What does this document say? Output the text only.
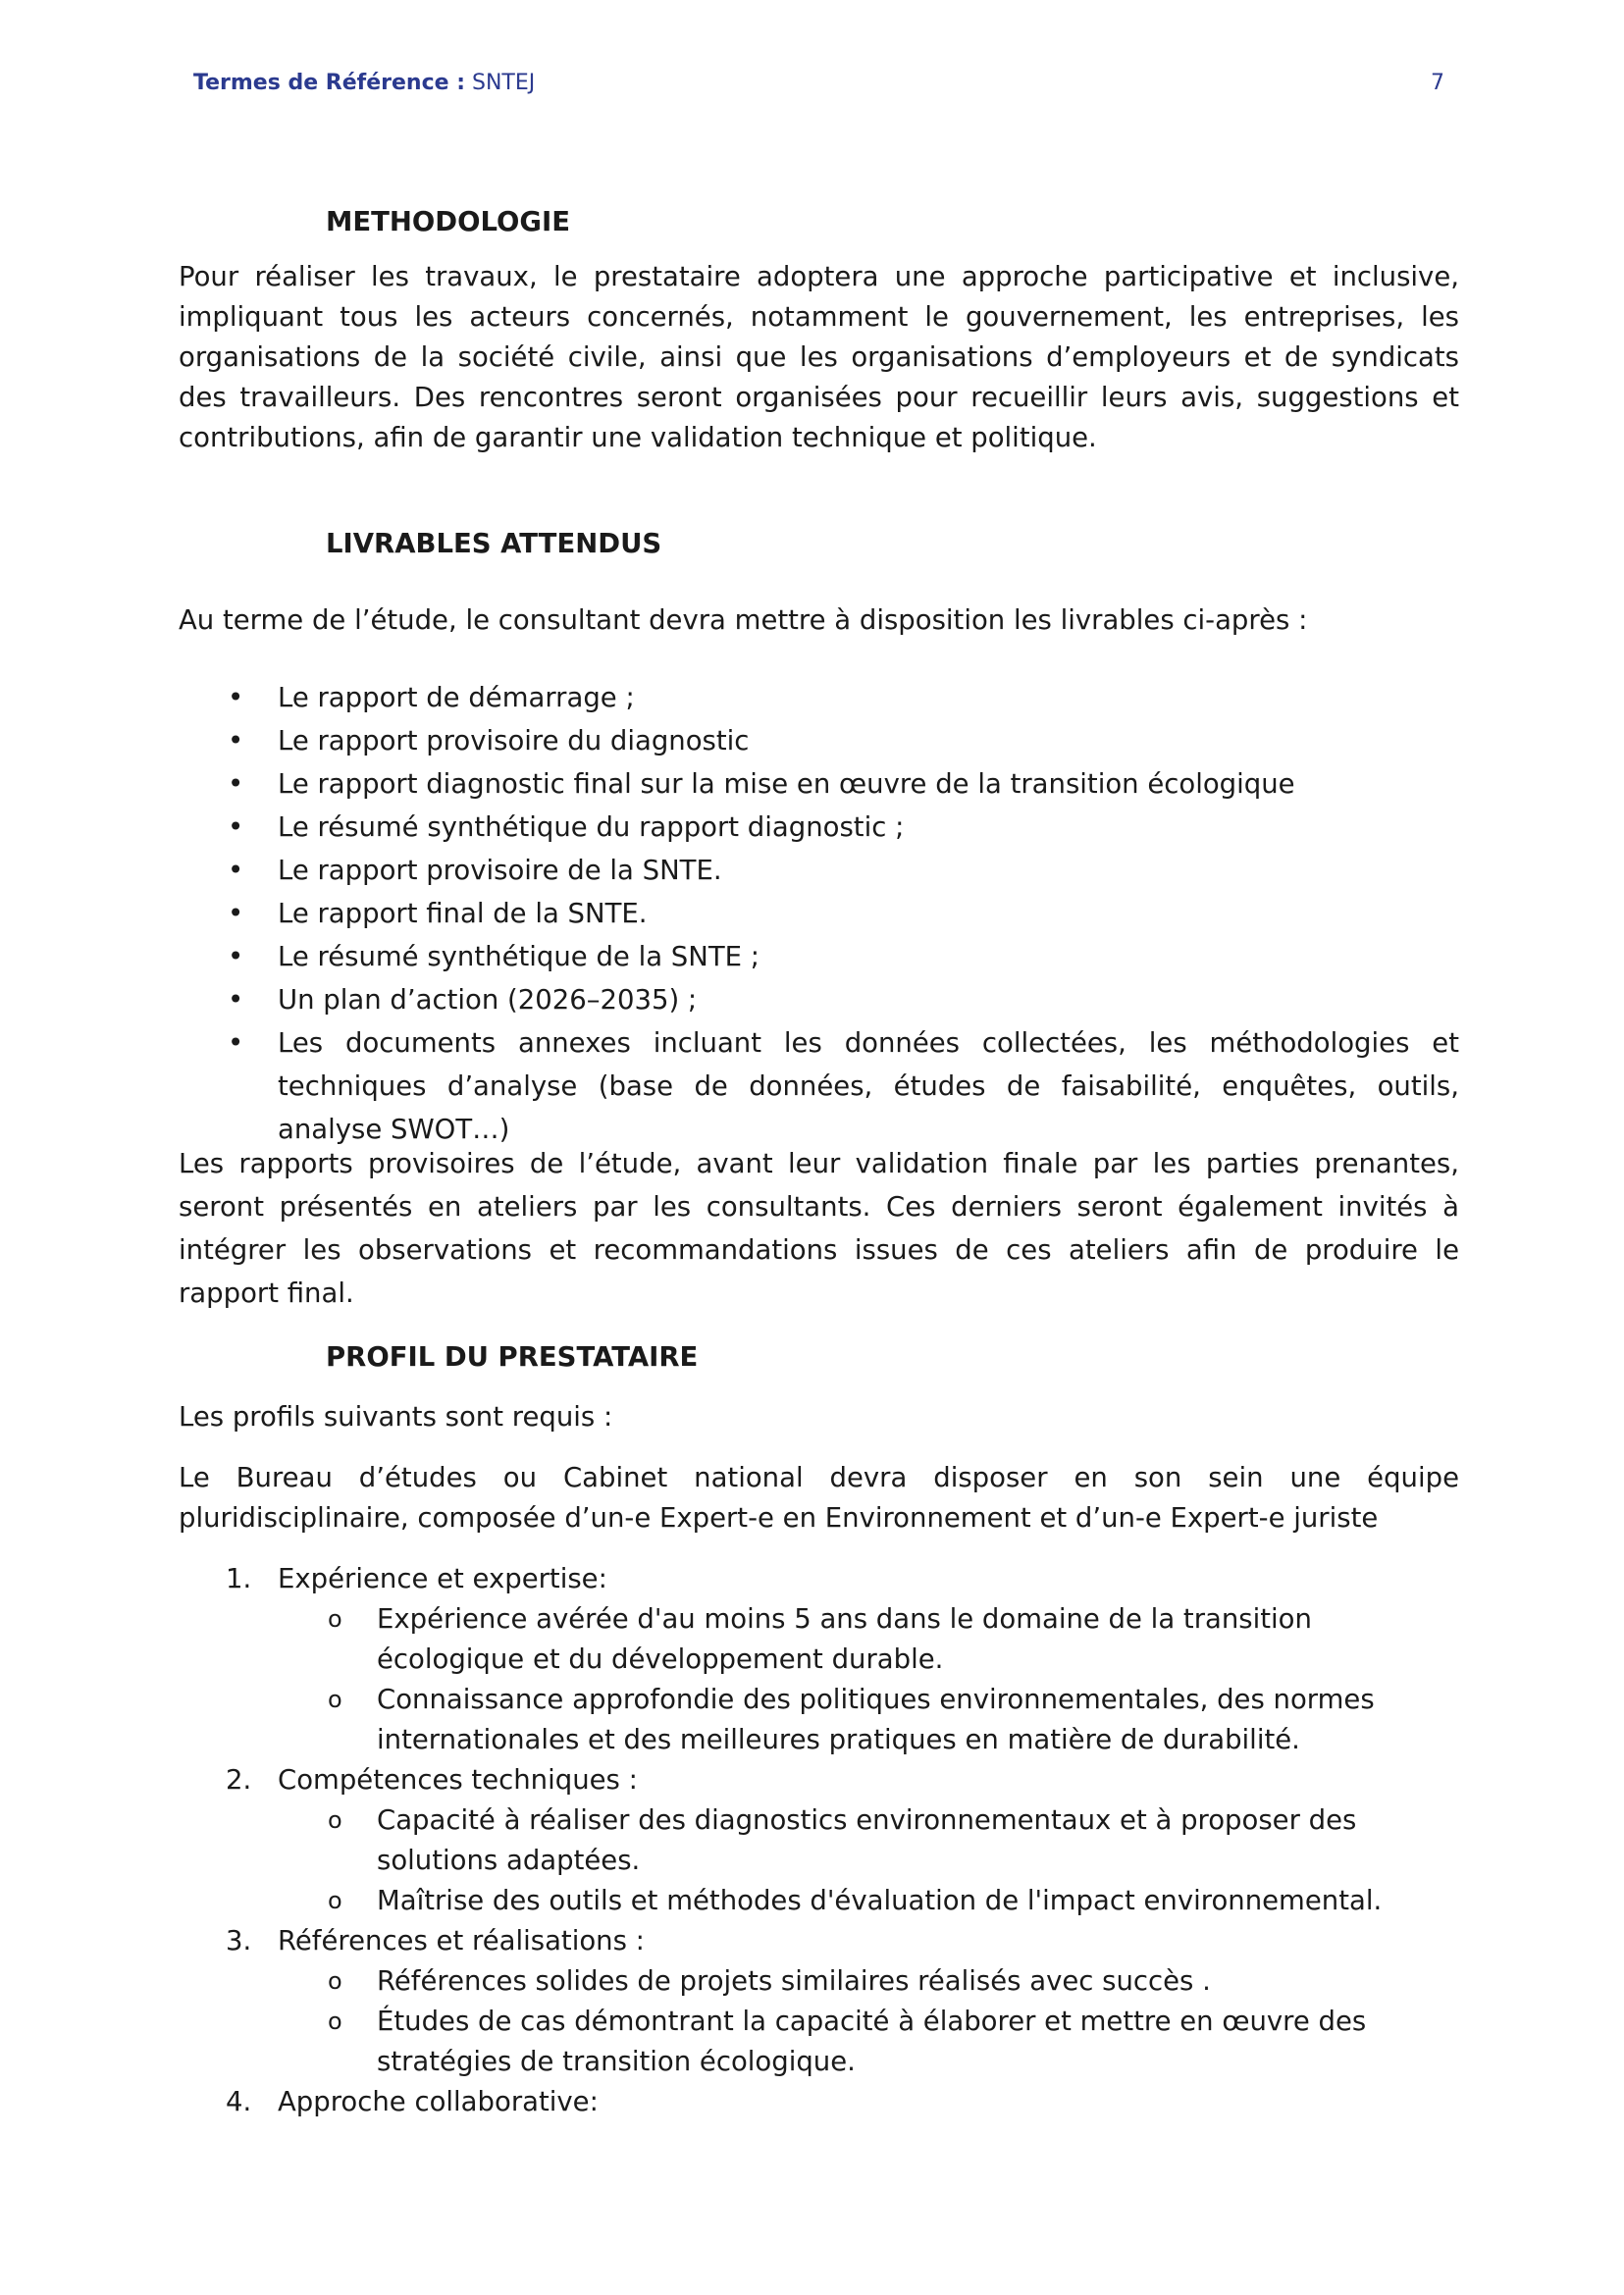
Termes de Référence : SNTEJ	7
METHODOLOGIE

Pour réaliser les travaux, le prestataire adoptera une approche participative et inclusive, impliquant tous les acteurs concernés, notamment le gouvernement, les entreprises, les organisations de la société civile, ainsi que les organisations d’employeurs et de syndicats des travailleurs. Des rencontres seront organisées pour recueillir leurs avis, suggestions et contributions, afin de garantir une validation technique et politique.

LIVRABLES ATTENDUS

Au terme de l’étude, le consultant devra mettre à disposition les livrables ci-après :

• Le rapport de démarrage ;
• Le rapport provisoire du diagnostic
• Le rapport diagnostic final sur la mise en œuvre de la transition écologique
• Le résumé synthétique du rapport diagnostic ;
• Le rapport provisoire de la SNTE.
• Le rapport final de la SNTE.
• Le résumé synthétique de la SNTE ;
• Un plan d’action (2026–2035) ;
• Les documents annexes incluant les données collectées, les méthodologies et techniques d’analyse (base de données, études de faisabilité, enquêtes, outils, analyse SWOT…)

Les rapports provisoires de l’étude, avant leur validation finale par les parties prenantes, seront présentés en ateliers par les consultants. Ces derniers seront également invités à intégrer les observations et recommandations issues de ces ateliers afin de produire le rapport final.

PROFIL DU PRESTATAIRE

Les profils suivants sont requis :

Le Bureau d’études ou Cabinet national devra disposer en son sein une équipe pluridisciplinaire, composée d’un-e Expert-e en Environnement et d’un-e Expert-e juriste

1. Expérience et expertise:
o Expérience avérée d'au moins 5 ans dans le domaine de la transition écologique et du développement durable.
o Connaissance approfondie des politiques environnementales, des normes internationales et des meilleures pratiques en matière de durabilité.
2. Compétences techniques :
o Capacité à réaliser des diagnostics environnementaux et à proposer des solutions adaptées.
o Maîtrise des outils et méthodes d'évaluation de l'impact environnemental.
3. Références et réalisations :
o Références solides de projets similaires réalisés avec succès .
o Études de cas démontrant la capacité à élaborer et mettre en œuvre des stratégies de transition écologique.
4. Approche collaborative:
